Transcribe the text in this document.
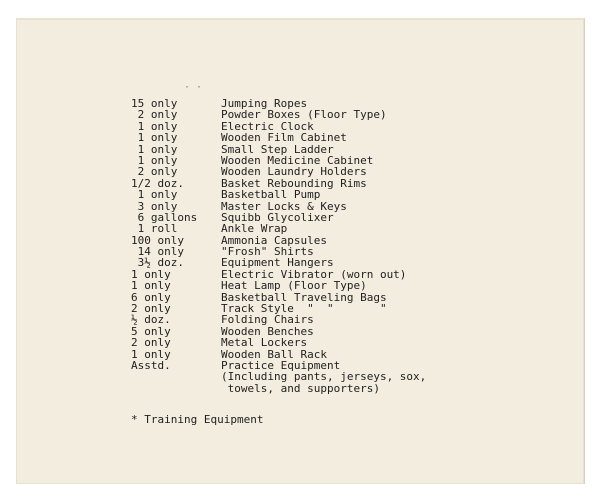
· ·
15 only	Jumping Ropes
2 only	Powder Boxes (Floor Type)
1 only	Electric Clock
1 only	Wooden Film Cabinet
1 only	Small Step Ladder
1 only	Wooden Medicine Cabinet
2 only	Wooden Laundry Holders
1/2 doz.	Basket Rebounding Rims
1 only	Basketball Pump
3 only	Master Locks & Keys
6 gallons Squibb Glycolixer
1 roll	Ankle Wrap
100 only	Ammonia Capsules
14 only	"Frosh" Shirts
3½ doz.	Equipment Hangers
1 only	Electric Vibrator (worn out)
1 only	Heat Lamp (Floor Type)
6 only	Basketball Traveling Bags
2 only	Track Style  "  "       "
½ doz.	Folding Chairs
5 only	Wooden Benches
2 only	Metal Lockers
1 only	Wooden Ball Rack
Asstd.	Practice Equipment
(Including pants, jerseys, sox,
towels, and supporters)
* Training Equipment
